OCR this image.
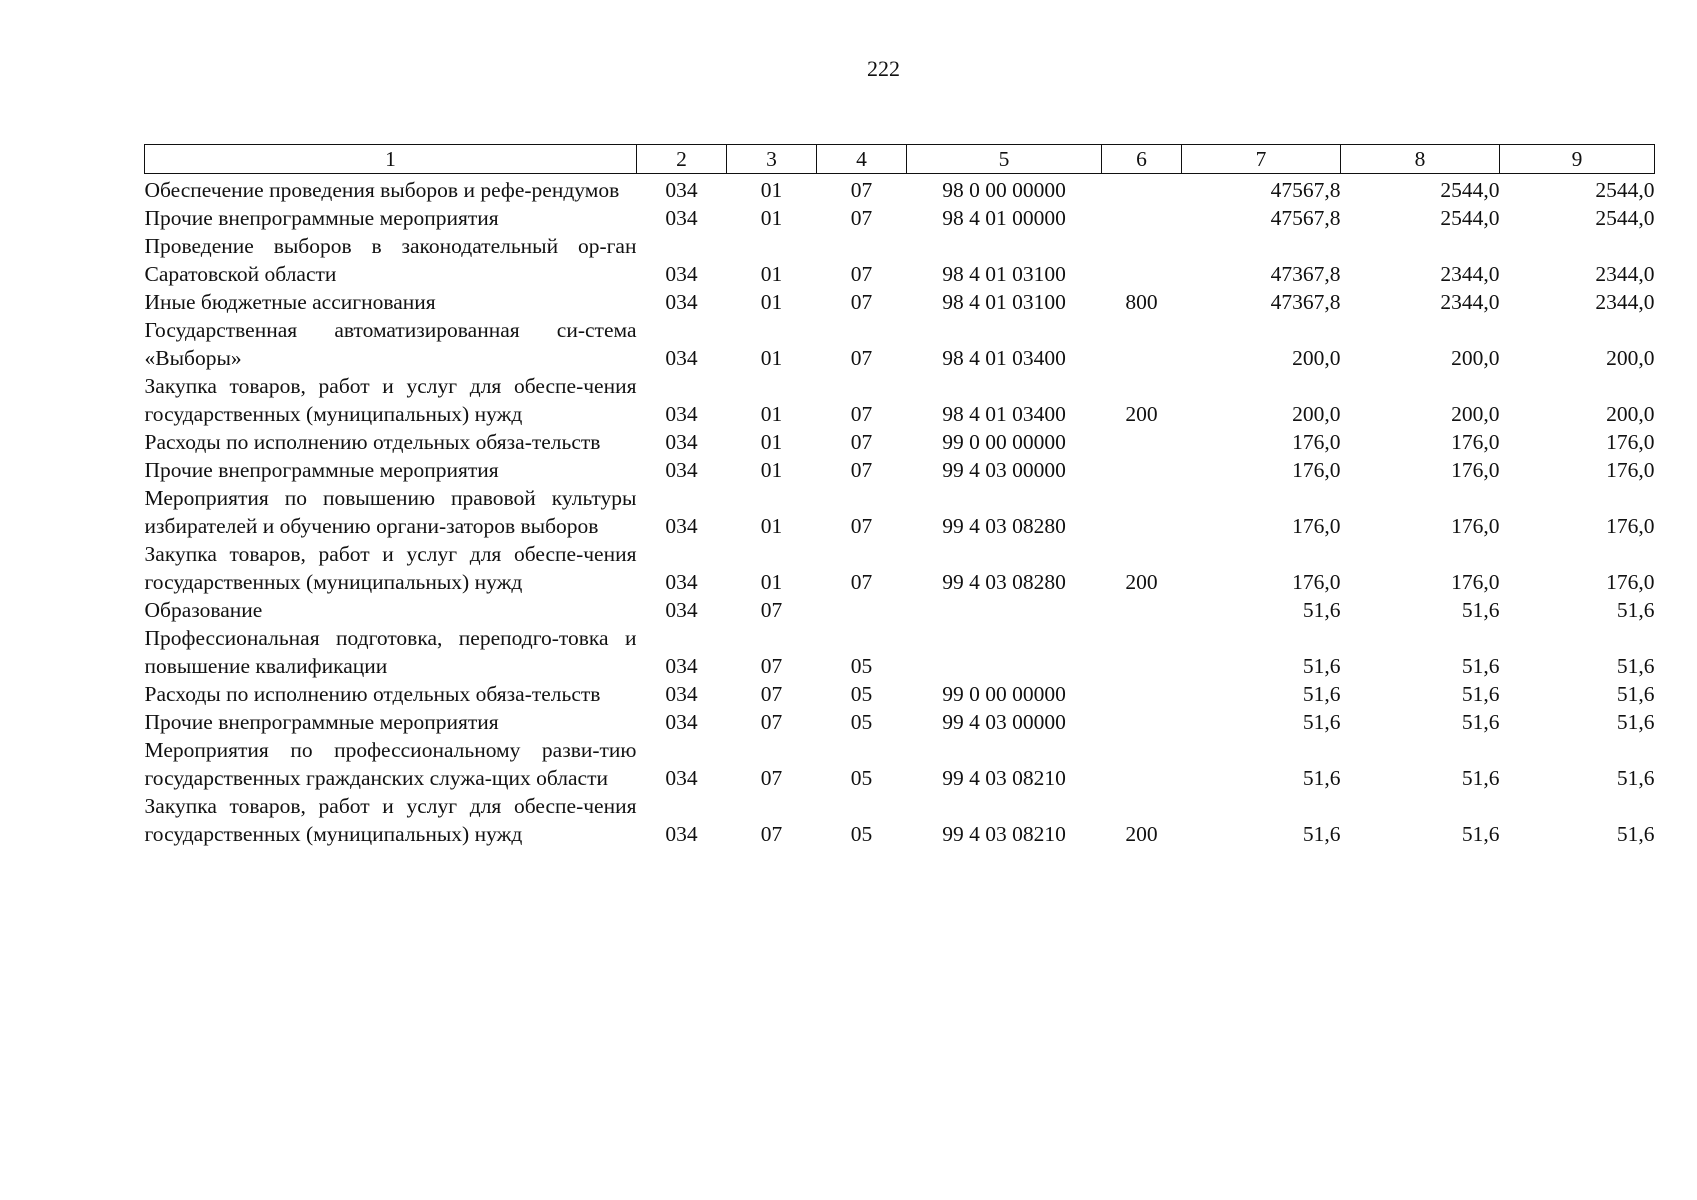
222
1	2	3	4	5	6	7	8	9
Обеспечение проведения выборов и рефе-рендумов	034	01	07	98 0 00 00000		47567,8	2544,0	2544,0
Прочие внепрограммные мероприятия	034	01	07	98 4 01 00000		47567,8	2544,0	2544,0
Проведение выборов в законодательный ор-ган Саратовской области	034	01	07	98 4 01 03100		47367,8	2344,0	2344,0
Иные бюджетные ассигнования	034	01	07	98 4 01 03100	800	47367,8	2344,0	2344,0
Государственная автоматизированная си-стема «Выборы»	034	01	07	98 4 01 03400		200,0	200,0	200,0
Закупка товаров, работ и услуг для обеспе-чения государственных (муниципальных) нужд	034	01	07	98 4 01 03400	200	200,0	200,0	200,0
Расходы по исполнению отдельных обяза-тельств	034	01	07	99 0 00 00000		176,0	176,0	176,0
Прочие внепрограммные мероприятия	034	01	07	99 4 03 00000		176,0	176,0	176,0
Мероприятия по повышению правовой культуры избирателей и обучению органи-заторов выборов	034	01	07	99 4 03 08280		176,0	176,0	176,0
Закупка товаров, работ и услуг для обеспе-чения государственных (муниципальных) нужд	034	01	07	99 4 03 08280	200	176,0	176,0	176,0
Образование	034	07				51,6	51,6	51,6
Профессиональная подготовка, переподго-товка и повышение квалификации	034	07	05			51,6	51,6	51,6
Расходы по исполнению отдельных обяза-тельств	034	07	05	99 0 00 00000		51,6	51,6	51,6
Прочие внепрограммные мероприятия	034	07	05	99 4 03 00000		51,6	51,6	51,6
Мероприятия по профессиональному разви-тию государственных гражданских служа-щих области	034	07	05	99 4 03 08210		51,6	51,6	51,6
Закупка товаров, работ и услуг для обеспе-чения государственных (муниципальных) нужд	034	07	05	99 4 03 08210	200	51,6	51,6	51,6
